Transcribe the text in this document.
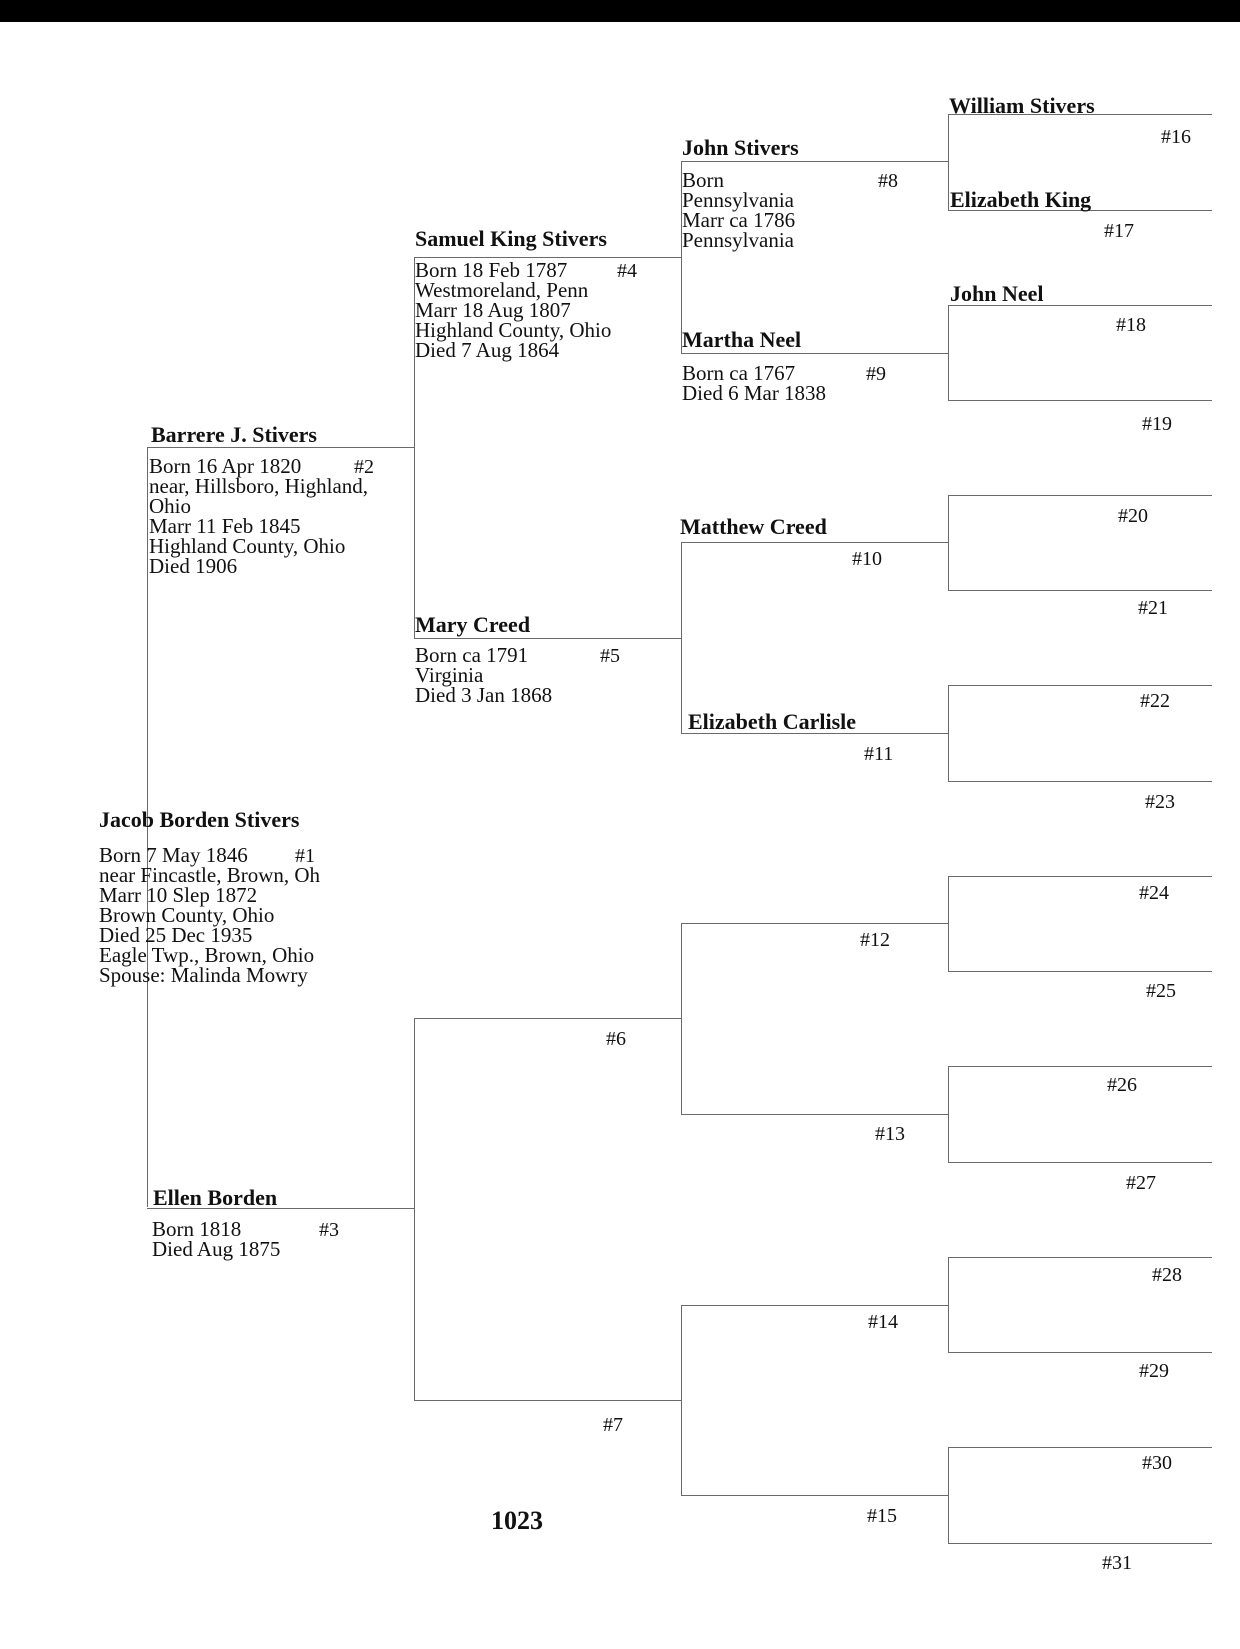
Jacob Borden Stivers
#1
Born 7 May 1846
near Fincastle, Brown, Oh
Marr 10 Slep 1872
Brown County, Ohio
Died 25 Dec 1935
Eagle Twp., Brown, Ohio
Spouse: Malinda Mowry
Barrere J. Stivers
#2
Born 16 Apr 1820
near, Hillsboro, Highland,
Ohio
Marr 11 Feb 1845
Highland County, Ohio
Died 1906
Ellen Borden
#3
Born 1818
Died Aug 1875
Samuel King Stivers
#4
Born 18 Feb 1787
Westmoreland, Penn
Marr 18 Aug 1807
Highland County, Ohio
Died 7 Aug 1864
Mary Creed
#5
Born ca 1791
Virginia
Died 3 Jan 1868
#6
#7
John Stivers
#8
Born
Pennsylvania
Marr ca 1786
Pennsylvania
Martha Neel
#9
Born ca 1767
Died 6 Mar 1838
Matthew Creed
#10
Elizabeth Carlisle
#11
#12
#13
#14
#15
William Stivers
#16
Elizabeth King
#17
John Neel
#18
#19
#20
#21
#22
#23
#24
#25
#26
#27
#28
#29
#30
#31
1023
